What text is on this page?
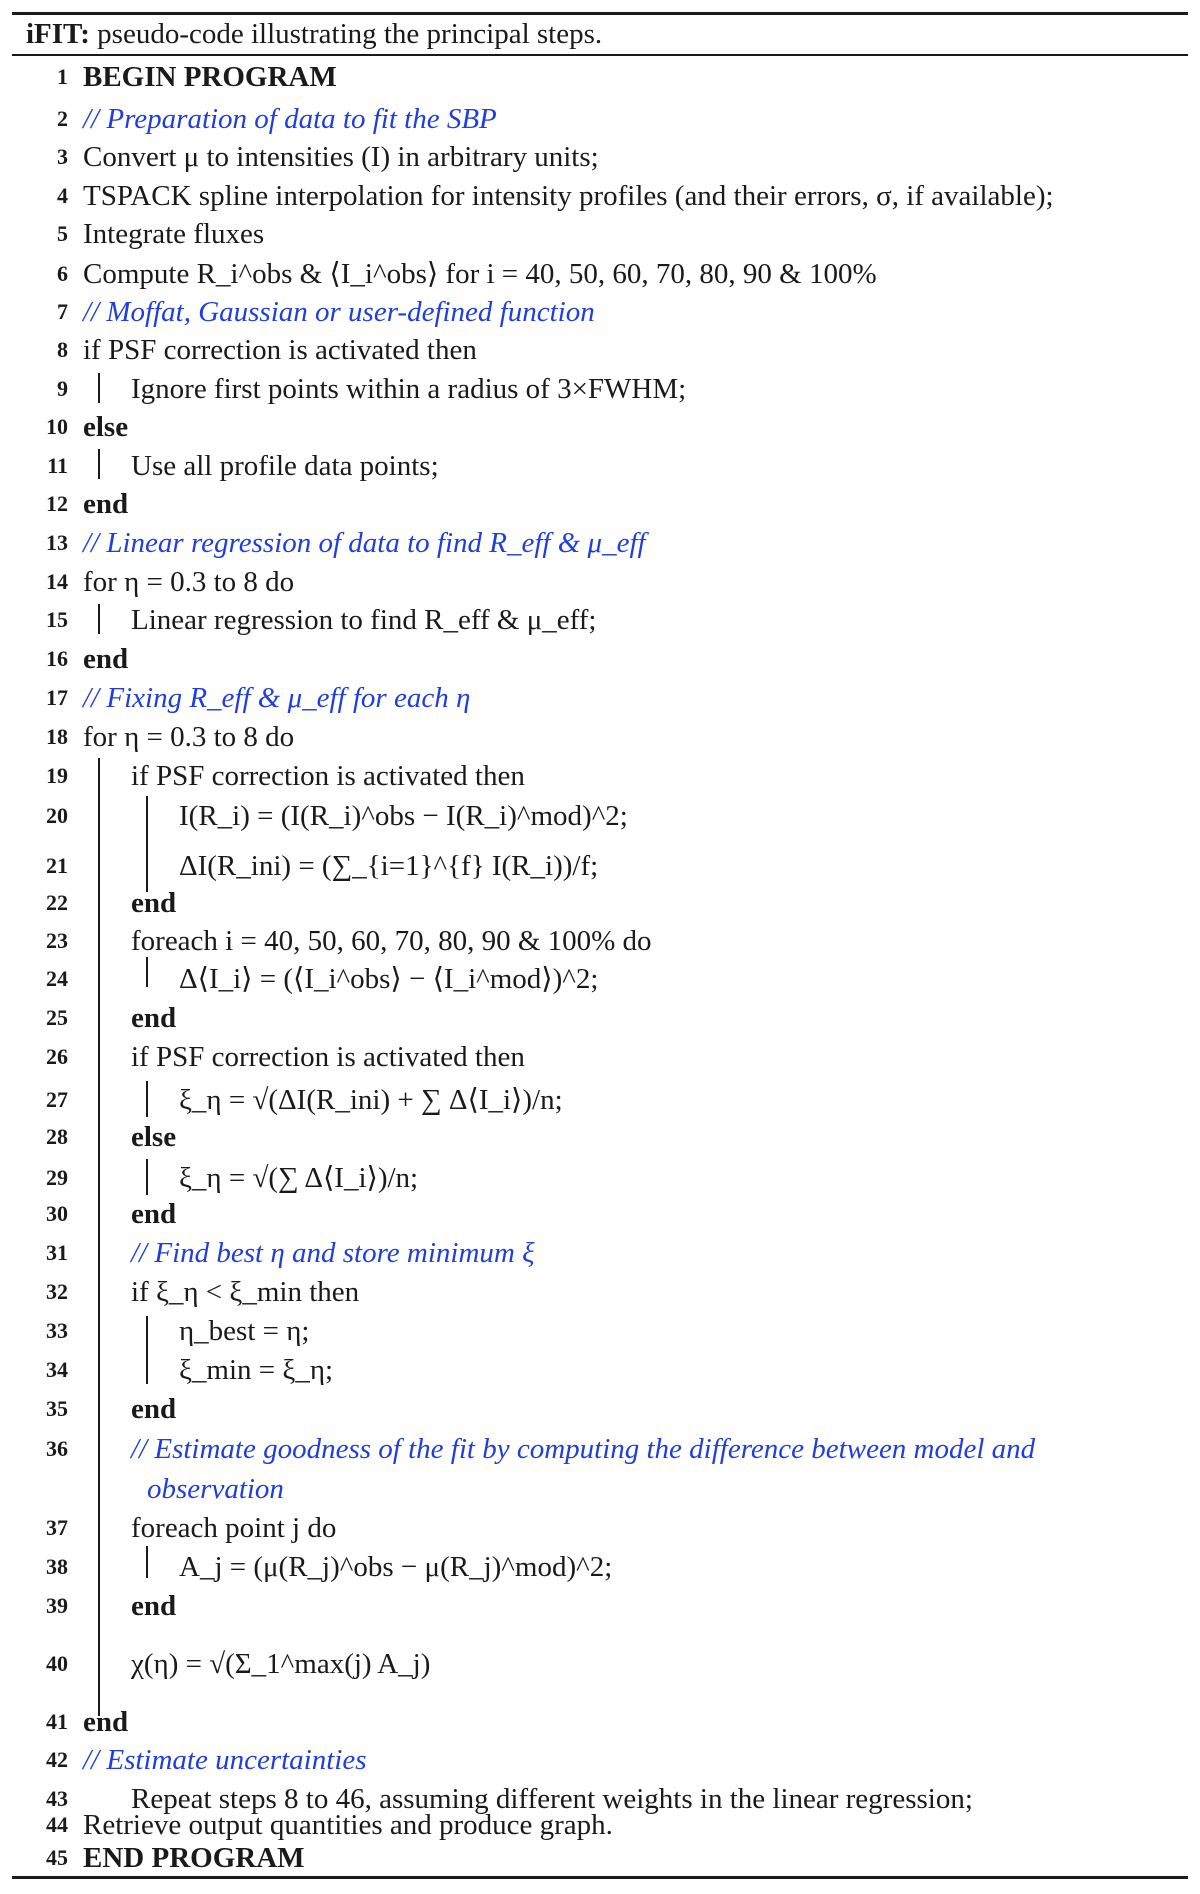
iFIT: pseudo-code illustrating the principal steps.
1 BEGIN PROGRAM
2 // Preparation of data to fit the SBP
3 Convert μ to intensities (I) in arbitrary units;
4 TSPACK spline interpolation for intensity profiles (and their errors, σ, if available);
5 Integrate fluxes
6 Compute R_i^obs & ⟨I_i^obs⟩ for i = 40, 50, 60, 70, 80, 90 & 100%
7 // Moffat, Gaussian or user-defined function
8 if PSF correction is activated then
9 Ignore first points within a radius of 3×FWHM;
10 else
11 Use all profile data points;
12 end
13 // Linear regression of data to find R_eff & μ_eff
14 for η = 0.3 to 8 do
15 Linear regression to find R_eff & μ_eff;
16 end
17 // Fixing R_eff & μ_eff for each η
18 for η = 0.3 to 8 do
19 if PSF correction is activated then
20	I(R_i) = (I(R_i)^obs − I(R_i)^mod)^2;
21	ΔI(R_ini) = (∑_{i=1}^{f} I(R_i))/f;
22 end
23 foreach i = 40, 50, 60, 70, 80, 90 & 100% do
24	Δ⟨I_i⟩ = (⟨I_i^obs⟩ − ⟨I_i^mod⟩)^2;
25 end
26 if PSF correction is activated then
27	ξ_η = √(ΔI(R_ini) + ∑ Δ⟨I_i⟩)/n;
28 else
29	ξ_η = √(∑ Δ⟨I_i⟩)/n;
30 end
31 // Find best η and store minimum ξ
32 if ξ_η < ξ_min then
33	η_best = η;
34	ξ_min = ξ_η;
35 end
36 // Estimate goodness of the fit by computing the difference between model and observation
37 foreach point j do
38	A_j = (μ(R_j)^obs − μ(R_j)^mod)^2;
39 end
40 χ(η) = √(Σ_1^max(j) A_j)
41 end
42 // Estimate uncertainties
43 Repeat steps 8 to 46, assuming different weights in the linear regression;
44 Retrieve output quantities and produce graph.
45 END PROGRAM
